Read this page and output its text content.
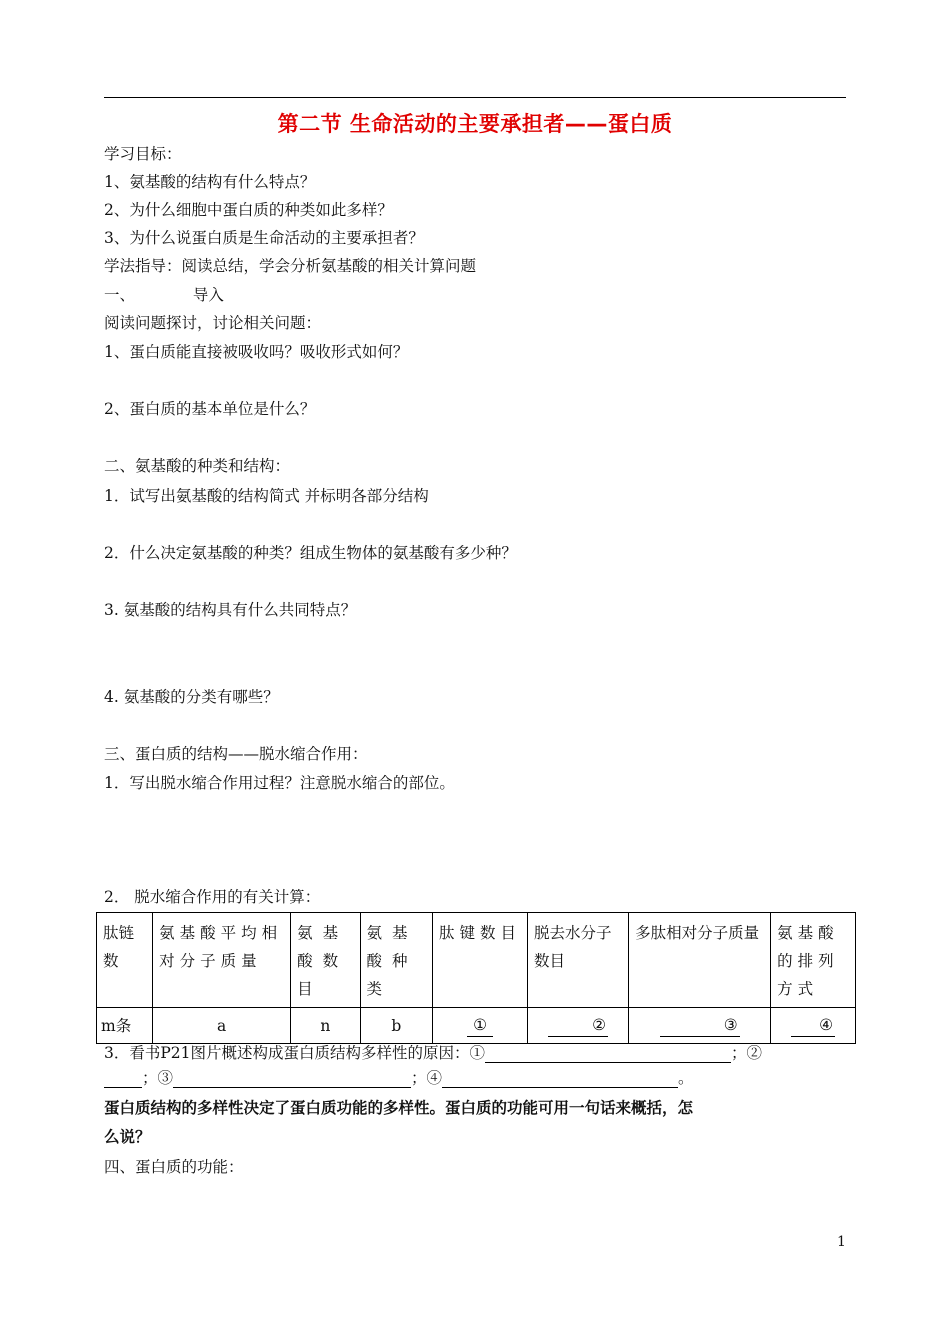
第二节 生命活动的主要承担者——蛋白质
学习目标：
1、氨基酸的结构有什么特点？
2、为什么细胞中蛋白质的种类如此多样？
3、为什么说蛋白质是生命活动的主要承担者？
学法指导：阅读总结，学会分析氨基酸的相关计算问题
一、	导入
阅读问题探讨，讨论相关问题：
1、蛋白质能直接被吸收吗？吸收形式如何？
2、蛋白质的基本单位是什么？
二、氨基酸的种类和结构：
1．试写出氨基酸的结构简式 并标明各部分结构
2．什么决定氨基酸的种类？组成生物体的氨基酸有多少种？
3. 氨基酸的结构具有什么共同特点？
4. 氨基酸的分类有哪些？
三、蛋白质的结构——脱水缩合作用：
1．写出脱水缩合作用过程？注意脱水缩合的部位。
2． 脱水缩合作用的有关计算：
肽链数	氨基酸平均相对分子质量	氨基酸数目	氨基酸种类	肽键数目	脱去水分子数目	多肽相对分子质量	氨基酸的排列方式
m条	a	n	b	①	②	③	④
3．看书P21图片概述构成蛋白质结构多样性的原因：①	；②
；③	；④	。
蛋白质结构的多样性决定了蛋白质功能的多样性。蛋白质的功能可用一句话来概括，怎
么说？
四、蛋白质的功能：
1
